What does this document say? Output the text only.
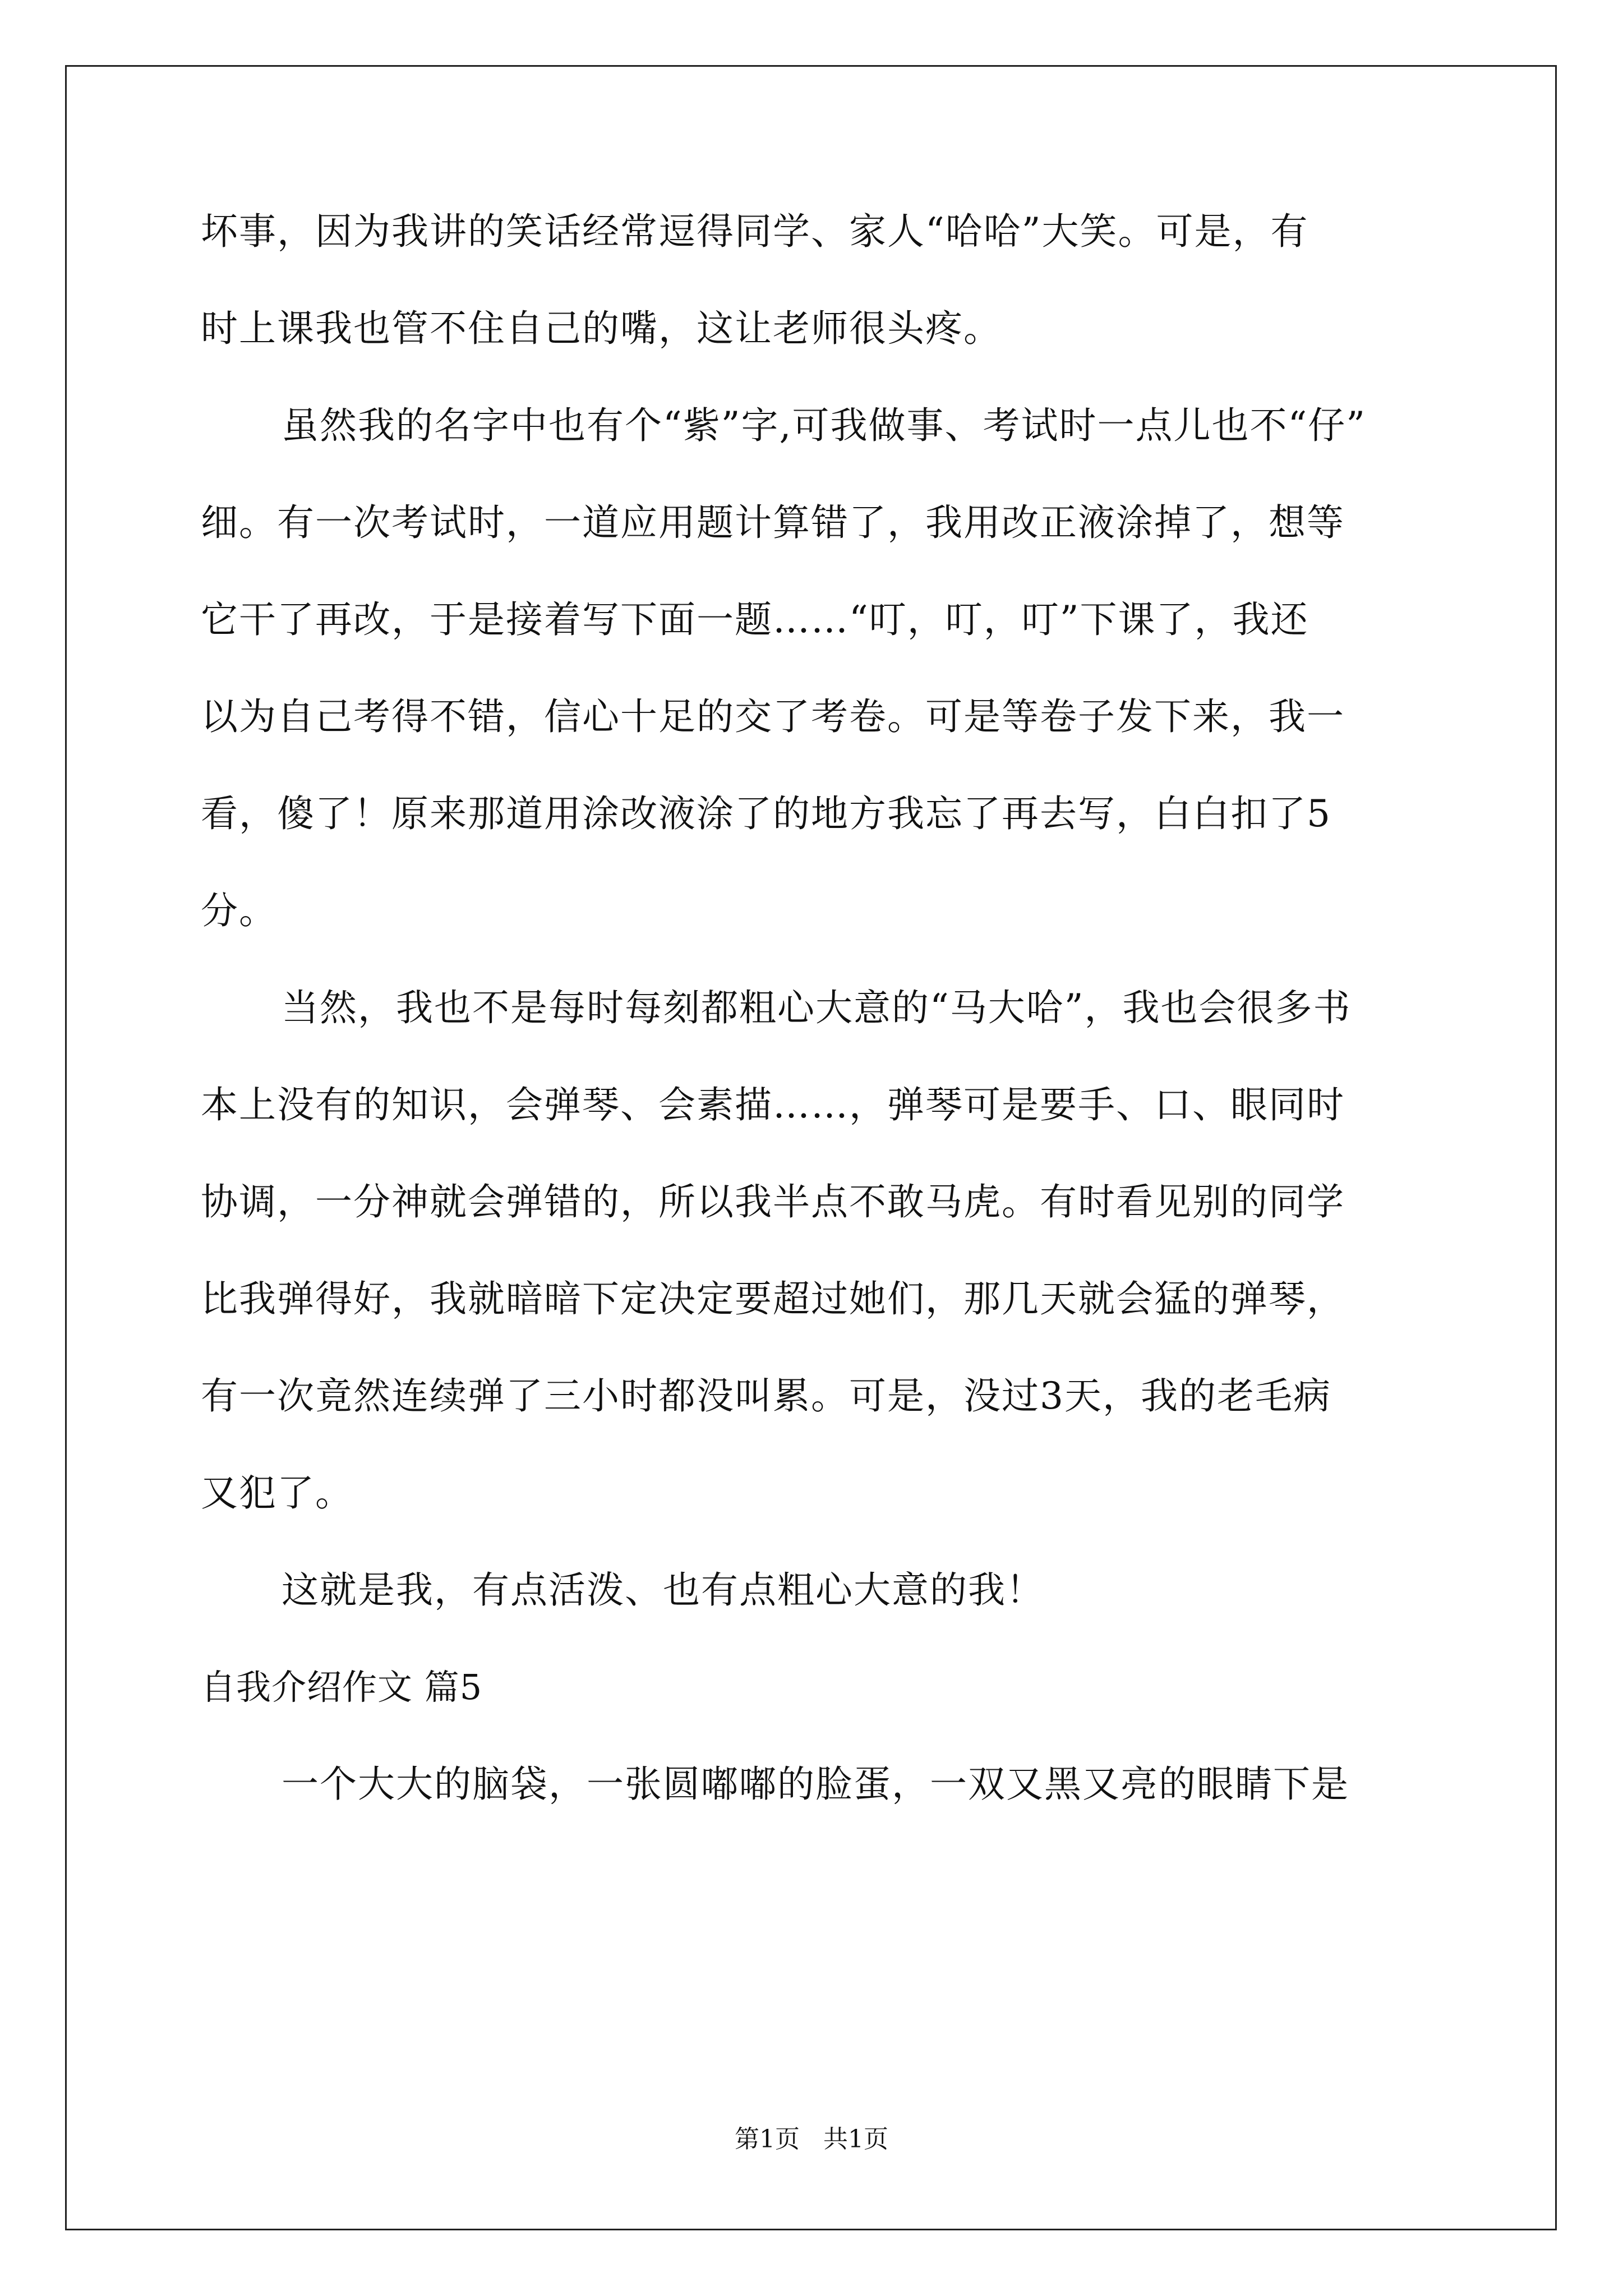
坏事，因为我讲的笑话经常逗得同学、家人“哈哈”大笑。可是，有
时上课我也管不住自己的嘴，这让老师很头疼。
虽然我的名字中也有个“紫”字,可我做事、考试时一点儿也不“仔”
细。有一次考试时，一道应用题计算错了，我用改正液涂掉了，想等
它干了再改，于是接着写下面一题……“叮，叮，叮”下课了，我还
以为自己考得不错，信心十足的交了考卷。可是等卷子发下来，我一
看，傻了！原来那道用涂改液涂了的地方我忘了再去写，白白扣了5
分。
当然，我也不是每时每刻都粗心大意的“马大哈”，我也会很多书
本上没有的知识，会弹琴、会素描……，弹琴可是要手、口、眼同时
协调，一分神就会弹错的，所以我半点不敢马虎。有时看见别的同学
比我弹得好，我就暗暗下定决定要超过她们，那几天就会猛的弹琴，
有一次竟然连续弹了三小时都没叫累。可是，没过3天，我的老毛病
又犯了。
这就是我，有点活泼、也有点粗心大意的我！
自我介绍作文 篇5
一个大大的脑袋，一张圆嘟嘟的脸蛋，一双又黑又亮的眼睛下是
第1页   共1页
